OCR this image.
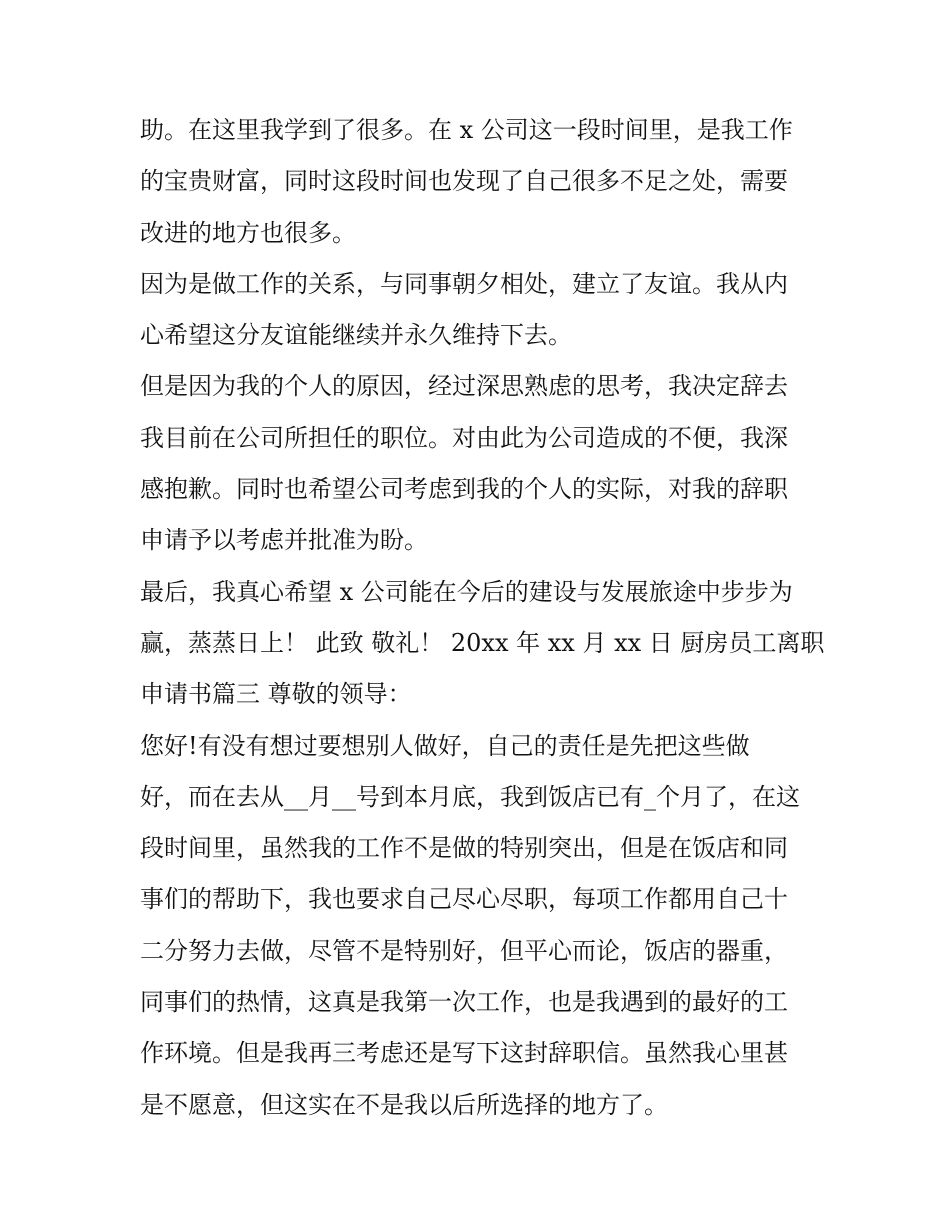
助。在这里我学到了很多。在 x 公司这一段时间里，是我工作
的宝贵财富，同时这段时间也发现了自己很多不足之处，需要
改进的地方也很多。
因为是做工作的关系，与同事朝夕相处，建立了友谊。我从内
心希望这分友谊能继续并永久维持下去。
但是因为我的个人的原因，经过深思熟虑的思考，我决定辞去
我目前在公司所担任的职位。对由此为公司造成的不便，我深
感抱歉。同时也希望公司考虑到我的个人的实际，对我的辞职
申请予以考虑并批准为盼。
最后，我真心希望 x 公司能在今后的建设与发展旅途中步步为
赢，蒸蒸日上！ 此致 敬礼！ 20xx 年 xx 月 xx 日 厨房员工离职
申请书篇三 尊敬的领导：
您好!有没有想过要想别人做好，自己的责任是先把这些做
好，而在去从__月__号到本月底，我到饭店已有_个月了，在这
段时间里，虽然我的工作不是做的特别突出，但是在饭店和同
事们的帮助下，我也要求自己尽心尽职，每项工作都用自己十
二分努力去做，尽管不是特别好，但平心而论，饭店的器重，
同事们的热情，这真是我第一次工作，也是我遇到的最好的工
作环境。但是我再三考虑还是写下这封辞职信。虽然我心里甚
是不愿意，但这实在不是我以后所选择的地方了。
